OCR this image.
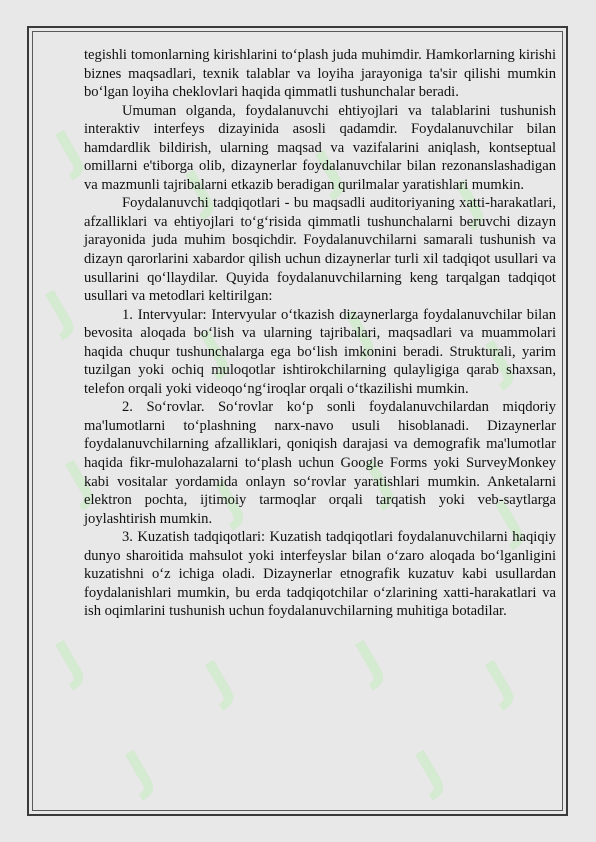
J
J J J
J
J J J
J J J
J
J J J J
J	J

tegishli tomonlarning kirishlarini to‘plash juda muhimdir. Hamkorlarning kirishi biznes maqsadlari, texnik talablar va loyiha jarayoniga ta'sir qilishi mumkin bo‘lgan loyiha cheklovlari haqida qimmatli tushunchalar beradi.

Umuman olganda, foydalanuvchi ehtiyojlari va talablarini tushunish interaktiv interfeys dizayinida asosli qadamdir. Foydalanuvchilar bilan hamdardlik bildirish, ularning maqsad va vazifalarini aniqlash, kontseptual omillarni e'tiborga olib, dizaynerlar foydalanuvchilar bilan rezonanslashadigan va mazmunli tajribalarni etkazib beradigan qurilmalar yaratishlari mumkin.

Foydalanuvchi tadqiqotlari - bu maqsadli auditoriyaning xatti-harakatlari, afzalliklari va ehtiyojlari to‘g‘risida qimmatli tushunchalarni beruvchi dizayn jarayonida juda muhim bosqichdir. Foydalanuvchilarni samarali tushunish va dizayn qarorlarini xabardor qilish uchun dizaynerlar turli xil tadqiqot usullari va usullarini qo‘llaydilar. Quyida foydalanuvchilarning keng tarqalgan tadqiqot usullari va metodlari keltirilgan:

1. Intervyular: Intervyular o‘tkazish dizaynerlarga foydalanuvchilar bilan bevosita aloqada bo‘lish va ularning tajribalari, maqsadlari va muammolari haqida chuqur tushunchalarga ega bo‘lish imkonini beradi. Strukturali, yarim tuzilgan yoki ochiq muloqotlar ishtirokchilarning qulayligiga qarab shaxsan, telefon orqali yoki videoqo‘ng‘iroqlar orqali o‘tkazilishi mumkin.

2. So‘rovlar. So‘rovlar ko‘p sonli foydalanuvchilardan miqdoriy ma'lumotlarni to‘plashning narx-navo usuli hisoblanadi. Dizaynerlar foydalanuvchilarning afzalliklari, qoniqish darajasi va demografik ma'lumotlar haqida fikr-mulohazalarni to‘plash uchun Google Forms yoki SurveyMonkey kabi vositalar yordamida onlayn so‘rovlar yaratishlari mumkin. Anketalarni elektron pochta, ijtimoiy tarmoqlar orqali tarqatish yoki veb-saytlarga joylashtirish mumkin.

3. Kuzatish tadqiqotlari: Kuzatish tadqiqotlari foydalanuvchilarni haqiqiy dunyo sharoitida mahsulot yoki interfeyslar bilan o‘zaro aloqada bo‘lganligini kuzatishni o‘z ichiga oladi. Dizaynerlar etnografik kuzatuv kabi usullardan foydalanishlari mumkin, bu erda tadqiqotchilar o‘zlarining xatti-harakatlari va ish oqimlarini tushunish uchun foydalanuvchilarning muhitiga botadilar.
